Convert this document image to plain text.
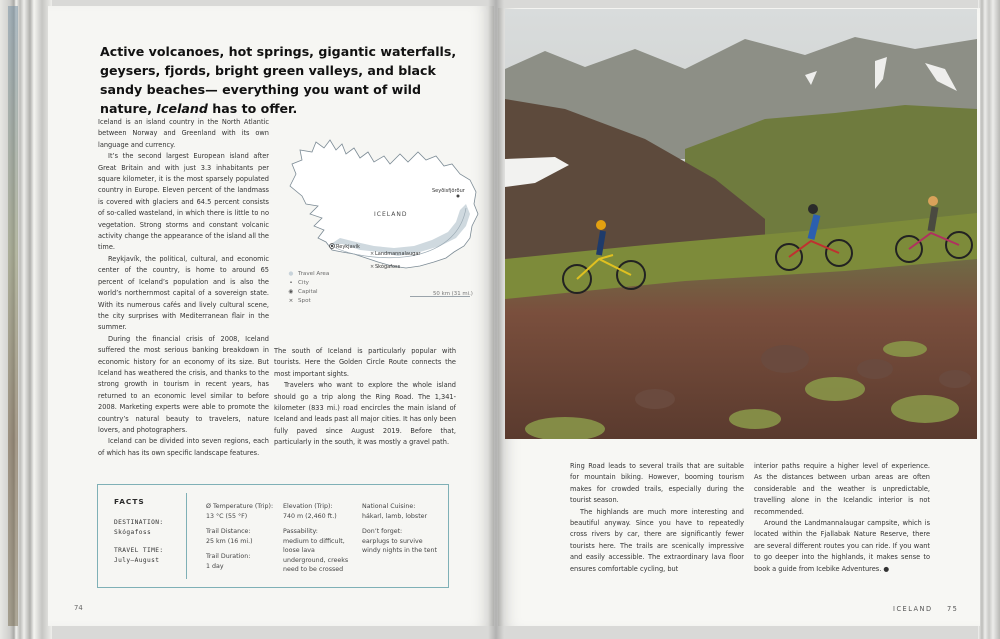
Active volcanoes, hot springs, gigantic waterfalls, geysers, fjords, bright green valleys, and black sandy beaches— everything you want of wild nature, Iceland has to offer.

Iceland is an island country in the North Atlantic between Norway and Greenland with its own language and currency.

It’s the second largest European island after Great Britain and with just 3.3 inhabitants per square kilometer, it is the most sparsely populated country in Europe. Eleven percent of the landmass is covered with glaciers and 64.5 percent consists of so-called wasteland, in which there is little to no vegetation. Strong storms and constant volcanic activity change the appearance of the island all the time.

Reykjavík, the political, cultural, and economic center of the country, is home to around 65 percent of Iceland’s population and is also the world’s northernmost capital of a sovereign state. With its numerous cafés and lively cultural scene, the city surprises with Mediterranean flair in the summer.

During the financial crisis of 2008, Iceland suffered the most serious banking breakdown in economic history for an economy of its size. But Iceland has weathered the crisis, and thanks to the strong growth in tourism in recent years, has returned to an economic level similar to before 2008. Marketing experts were able to promote the country’s natural beauty to travelers, nature lovers, and photographers.

Iceland can be divided into seven regions, each of which has its own specific landscape features.

The south of Iceland is particularly popular with tourists. Here the Golden Circle Route connects the most important sights.

Travelers who want to explore the whole island should go a trip along the Ring Road. The 1,341-kilometer (833 mi.) road encircles the main island of Iceland and leads past all major cities. It has only been fully paved since August 2019. Before that, particularly in the south, it was mostly a gravel path.

ICELAND
Reykjavík
Seyðisfjörður
× Landmannalaugar
× Skógafoss
● Travel Area
• City
◉ Capital
× Spot
50 km (31 mi.)
FACTS
DESTINATION:
Skógafoss
TRAVEL TIME:
July–August
Ø Temperature (Trip):
13 °C (55 °F)
Trail Distance:
25 km (16 mi.)
Trail Duration:
1 day
Elevation (Trip):
740 m (2,460 ft.)
Passability:
medium to difficult, loose lava underground, creeks need to be crossed
National Cuisine:
hákarl, lamb, lobster
Don’t forget:
earplugs to survive windy nights in the tent
74

Ring Road leads to several trails that are suitable for mountain biking. However, booming tourism makes for crowded trails, especially during the tourist season.

The highlands are much more interesting and beautiful anyway. Since you have to repeatedly cross rivers by car, there are significantly fewer tourists here. The trails are scenically impressive and easily accessible. The extraordinary lava floor ensures comfortable cycling, but

interior paths require a higher level of experience. As the distances between urban areas are often considerable and the weather is unpredictable, travelling alone in the Icelandic interior is not recommended.

Around the Landmannalaugar campsite, which is located within the Fjallabak Nature Reserve, there are several different routes you can ride. If you want to go deeper into the highlands, it makes sense to book a guide from Icebike Adventures. ●

ICELAND 75
